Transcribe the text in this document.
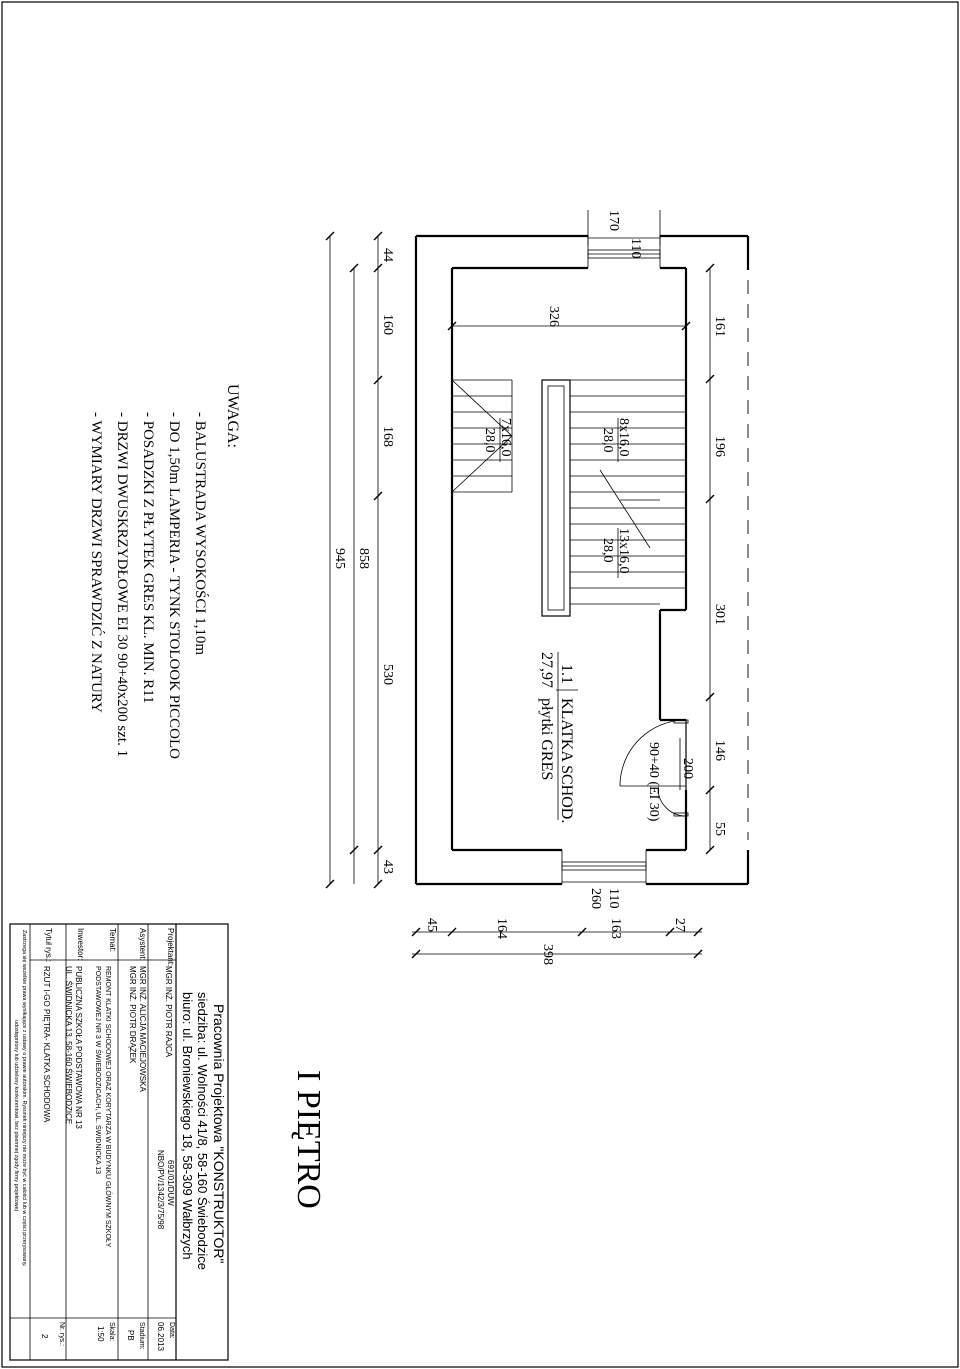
110
170
110
260
326	161
196
301
146
55
90+40 (EI 30) 200
44
160
168
530
43
858
945
45	164	163	27
398
7x16,0
28,0	8x16,0
28,0
13x16,0
28,0
1.1
27,97
KLATKA SCHOD.
płytki GRES
UWAGA:
- BALUSTRADA WYSOKOŚCI 1,10m
- DO 1,50m LAMPERIA - TYNK STOLOOK PICCOLO
- POSADZKI Z PŁYTEK GRES KL. MIN. R11
- DRZWI DWUSKRZYDŁOWE EI 30 90+40x200 szt. 1
- WYMIARY DRZWI SPRAWDZIĆ Z NATURY
I PIĘTRO
Pracownia Projektowa "KONSTRUKTOR"
siedziba: ul. Wolności 41/8, 58-160 Świebodzice
biuro: ul. Broniewskiego 18, 58-309 Wałbrzych
Projektant:
MGR INŻ. PIOTR RAJCA
691/01/DUW
NBO/PV/1342/3/75/98
Asystent:
MGR INŻ. ALICJA MACIEJOWSKA
MGR INŻ. PIOTR DRĄŻEK
Temat:
REMONT KLATKI SCHODOWEJ ORAZ KORYTARZA W BUDYNKU GŁÓWNYM SZKOŁY
PODSTAWOWEJ NR 3 W ŚWIEBODZICACH, UL. ŚWIDNICKA 13
Inwestor:
PUBLICZNA SZKOŁA PODSTAWOWA NR 13
UL. ŚWIDNICKA 13, 58-160 ŚWIEBODZICE
Tytuł rys.:
RZUT I-GO PIĘTRA- KLATKA SCHODOWA
Zastrzega się wszelkie prawa wynikające z ustawy o prawie autorskim. Rysunek niniejszy nie może być w całości lub w części przerysowany,
udostępniony lub udzielony konkurentowi, bez pisemnej zgody firmy projektowej
Data:
06.2013
Stadium:
PB
Skala:
1:50
Nr. rys.:
2
